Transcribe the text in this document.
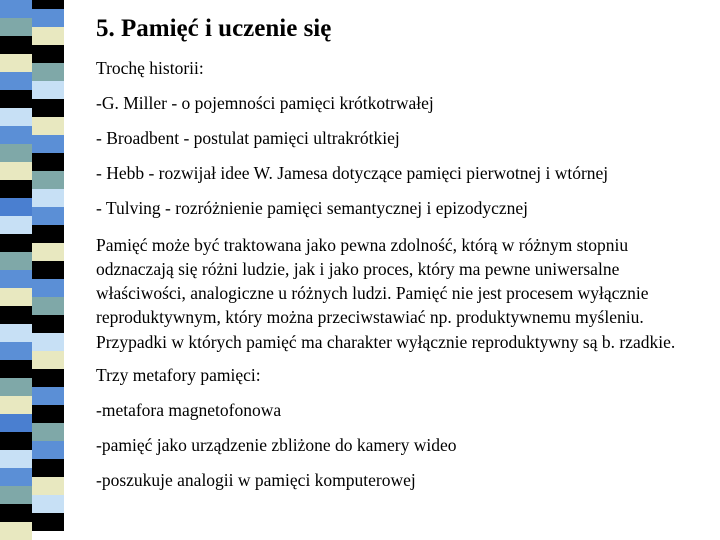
5. Pamięć i uczenie się
Trochę historii:
-G. Miller - o pojemności pamięci krótkotrwałej
- Broadbent - postulat pamięci ultrakrótkiej
- Hebb - rozwijał idee W. Jamesa dotyczące pamięci pierwotnej i wtórnej
- Tulving - rozróżnienie pamięci semantycznej i epizodycznej
Pamięć może być traktowana jako pewna zdolność, którą w różnym stopniu odznaczają się różni ludzie, jak i jako proces, który ma pewne uniwersalne właściwości, analogiczne u różnych ludzi. Pamięć nie jest procesem wyłącznie reproduktywnym, który można przeciwstawiać np. produktywnemu myśleniu. Przypadki w których pamięć ma charakter wyłącznie reproduktywny są b. rzadkie.
Trzy metafory pamięci:
-metafora magnetofonowa
-pamięć jako urządzenie zbliżone do kamery wideo
-poszukuje analogii w pamięci komputerowej
